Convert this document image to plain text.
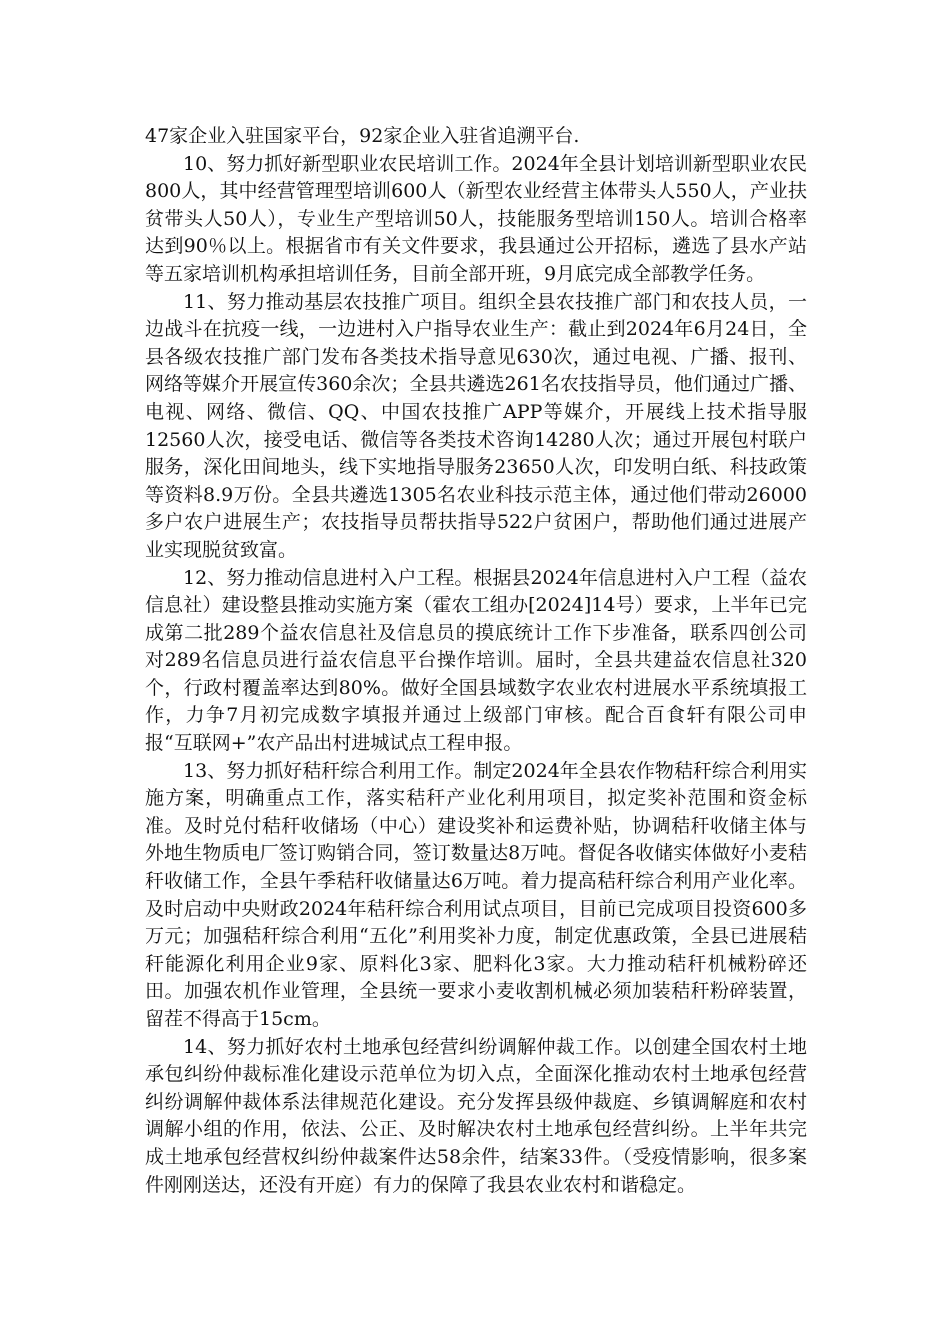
47家企业入驻国家平台，92家企业入驻省追溯平台.

10、努力抓好新型职业农民培训工作。2024年全县计划培训新型职业农民800人，其中经营管理型培训600人（新型农业经营主体带头人550人，产业扶贫带头人50人），专业生产型培训50人，技能服务型培训150人。培训合格率达到90％以上。根据省市有关文件要求，我县通过公开招标，遴选了县水产站等五家培训机构承担培训任务，目前全部开班，9月底完成全部教学任务。

11、努力推动基层农技推广项目。组织全县农技推广部门和农技人员，一边战斗在抗疫一线，一边进村入户指导农业生产：截止到2024年6月24日，全县各级农技推广部门发布各类技术指导意见630次，通过电视、广播、报刊、网络等媒介开展宣传360余次；全县共遴选261名农技指导员，他们通过广播、电视、网络、微信、QQ、中国农技推广APP等媒介，开展线上技术指导服12560人次，接受电话、微信等各类技术咨询14280人次；通过开展包村联户服务，深化田间地头，线下实地指导服务23650人次，印发明白纸、科技政策等资料8.9万份。全县共遴选1305名农业科技示范主体，通过他们带动26000多户农户进展生产；农技指导员帮扶指导522户贫困户，帮助他们通过进展产业实现脱贫致富。

12、努力推动信息进村入户工程。根据县2024年信息进村入户工程（益农信息社）建设整县推动实施方案（霍农工组办[2024]14号）要求，上半年已完成第二批289个益农信息社及信息员的摸底统计工作下步准备，联系四创公司对289名信息员进行益农信息平台操作培训。届时，全县共建益农信息社320个，行政村覆盖率达到80%。做好全国县域数字农业农村进展水平系统填报工作，力争7月初完成数字填报并通过上级部门审核。配合百食轩有限公司申报“互联网+”农产品出村进城试点工程申报。

13、努力抓好秸秆综合利用工作。制定2024年全县农作物秸秆综合利用实施方案，明确重点工作，落实秸秆产业化利用项目，拟定奖补范围和资金标准。及时兑付秸秆收储场（中心）建设奖补和运费补贴，协调秸秆收储主体与外地生物质电厂签订购销合同，签订数量达8万吨。督促各收储实体做好小麦秸秆收储工作，全县午季秸秆收储量达6万吨。着力提高秸秆综合利用产业化率。及时启动中央财政2024年秸秆综合利用试点项目，目前已完成项目投资600多万元；加强秸秆综合利用“五化”利用奖补力度，制定优惠政策，全县已进展秸秆能源化利用企业9家、原料化3家、肥料化3家。大力推动秸秆机械粉碎还田。加强农机作业管理，全县统一要求小麦收割机械必须加装秸秆粉碎装置，留茬不得高于15cm。

14、努力抓好农村土地承包经营纠纷调解仲裁工作。以创建全国农村土地承包纠纷仲裁标准化建设示范单位为切入点，全面深化推动农村土地承包经营纠纷调解仲裁体系法律规范化建设。充分发挥县级仲裁庭、乡镇调解庭和农村调解小组的作用，依法、公正、及时解决农村土地承包经营纠纷。上半年共完成土地承包经营权纠纷仲裁案件达58余件，结案33件。（受疫情影响，很多案件刚刚送达，还没有开庭）有力的保障了我县农业农村和谐稳定。
